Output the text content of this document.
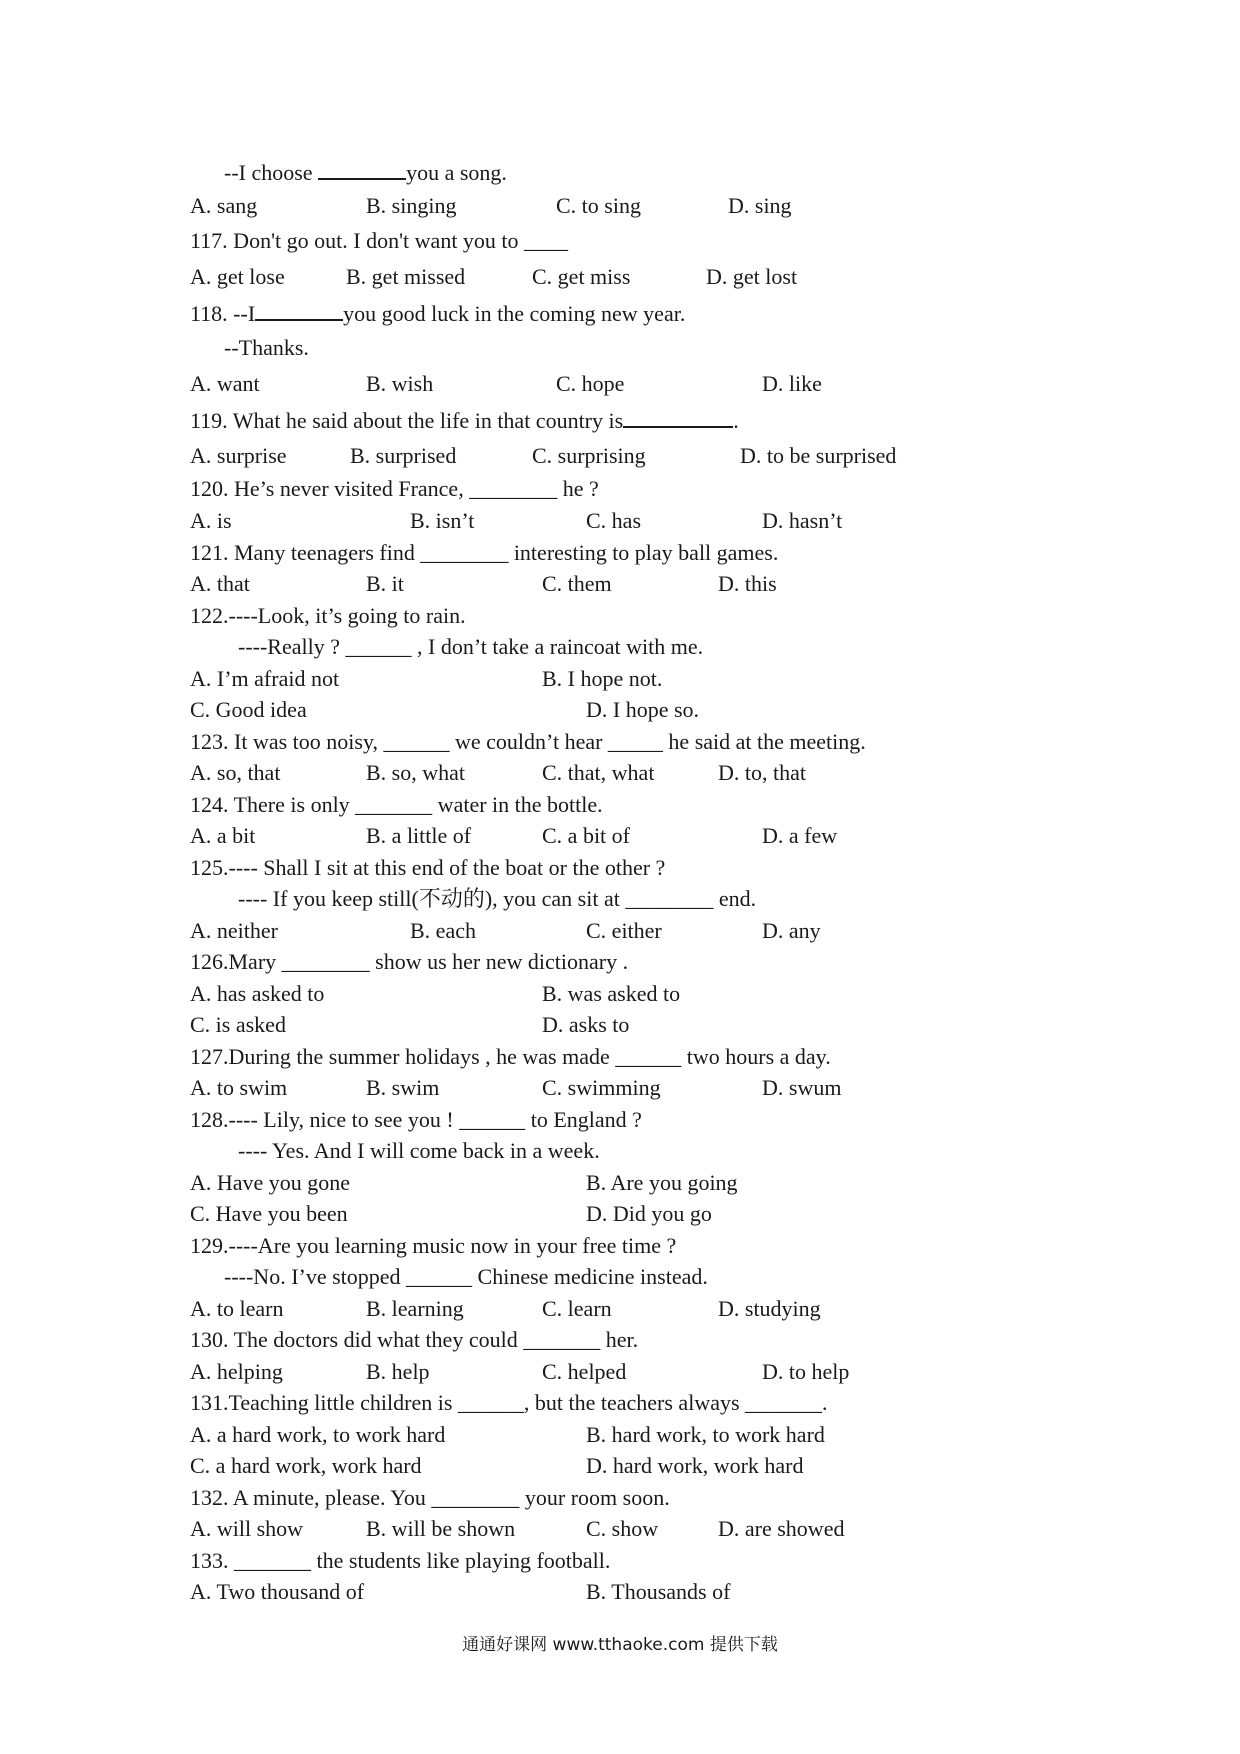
--I choose	you a song.
A. sang	B. singing	C. to sing	D. sing
117. Don't go out. I don't want you to ____
A. get lose	B. get missed	C. get miss	D. get lost
118. --I	you good luck in the coming new year.
--Thanks.
A. want	B. wish	C. hope	D. like
119. What he said about the life in that country is	.
A. surprise	B. surprised	C. surprising	D. to be surprised
120. He’s never visited France, ________ he ?
A. is	B. isn’t	C. has	D. hasn’t
121. Many teenagers find ________ interesting to play ball games.
A. that	B. it	C. them	D. this
122.----Look, it’s going to rain.
----Really ? ______ , I don’t take a raincoat with me.
A. I’m afraid not	B. I hope not.
C. Good idea	D. I hope so.
123. It was too noisy, ______ we couldn’t hear _____ he said at the meeting.
A. so, that	B. so, what	C. that, what	D. to, that
124. There is only _______ water in the bottle.
A. a bit	B. a little of	C. a bit of	D. a few
125.---- Shall I sit at this end of the boat or the other ?
---- If you keep still(不动的), you can sit at ________ end.
A. neither	B. each	C. either	D. any
126.Mary ________ show us her new dictionary .
A. has asked to	B. was asked to
C. is asked	D. asks to
127.During the summer holidays , he was made ______ two hours a day.
A. to swim	B. swim	C. swimming	D. swum
128.---- Lily, nice to see you ! ______ to England ?
---- Yes. And I will come back in a week.
A. Have you gone	B. Are you going
C. Have you been	D. Did you go
129.----Are you learning music now in your free time ?
----No. I’ve stopped ______ Chinese medicine instead.
A. to learn	B. learning	C. learn	D. studying
130. The doctors did what they could _______ her.
A. helping	B. help	C. helped	D. to help
131.Teaching little children is ______, but the teachers always _______.
A. a hard work, to work hard	B. hard work, to work hard
C. a hard work, work hard	D. hard work, work hard
132. A minute, please. You ________ your room soon.
A. will show	B. will be shown	C. show	D. are showed
133. _______ the students like playing football.
A. Two thousand of	B. Thousands of
通通好课网 www.tthaoke.com 提供下载
